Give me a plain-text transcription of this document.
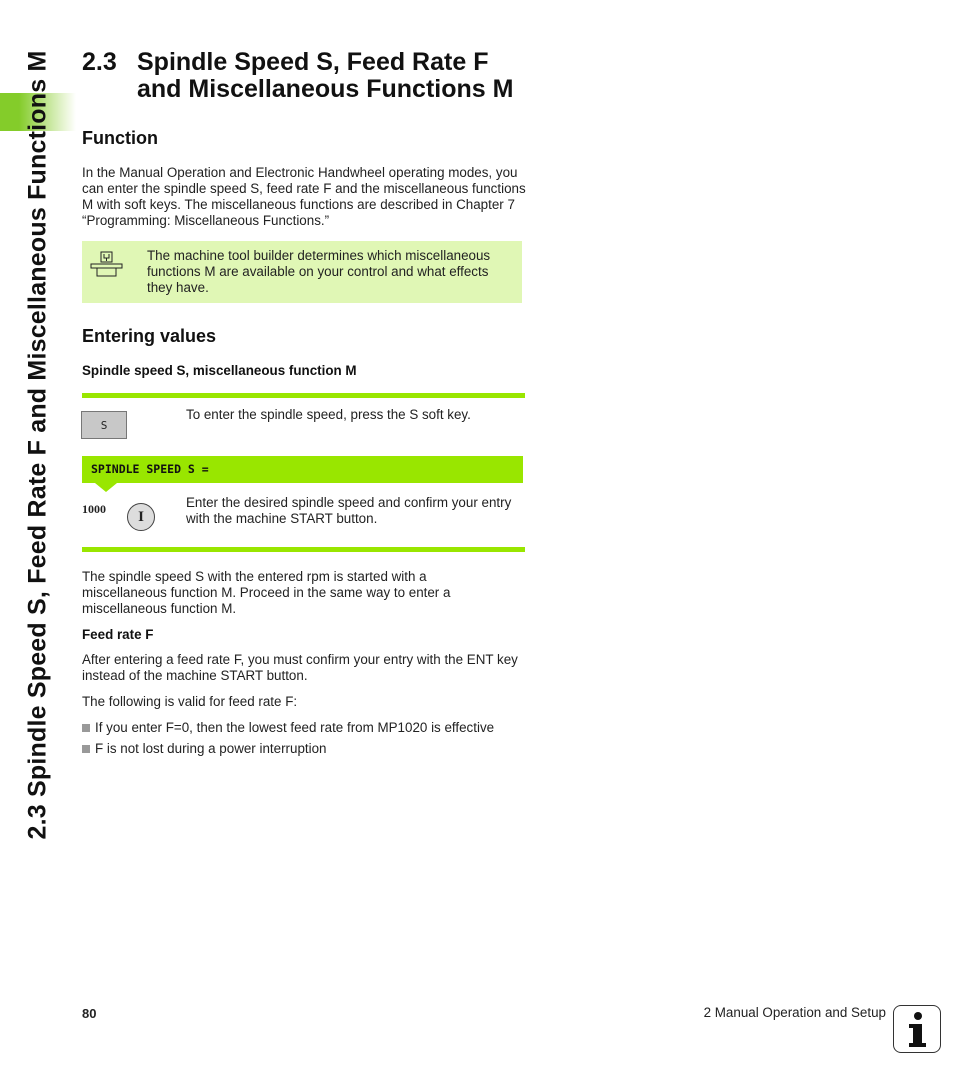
2.3 Spindle Speed S, Feed Rate F and Miscellaneous Functions M 2.3 Spindle Speed S, Feed Rate F
and Miscellaneous Functions M
Function

In the Manual Operation and Electronic Handwheel operating modes, you can enter the spindle speed S, feed rate F and the miscellaneous functions M with soft keys. The miscellaneous functions are described in Chapter 7 “Programming: Miscellaneous Functions.”

The machine tool builder determines which miscellaneous functions M are available on your control and what effects they have.

Entering values
Spindle speed S, miscellaneous function M
S

To enter the spindle speed, press the S soft key.

SPINDLE SPEED S =
1000	I

Enter the desired spindle speed and confirm your entry with the machine START button.

The spindle speed S with the entered rpm is started with a miscellaneous function M. Proceed in the same way to enter a miscellaneous function M.

Feed rate F

After entering a feed rate F, you must confirm your entry with the ENT key instead of the machine START button.

The following is valid for feed rate F:

If you enter F=0, then the lowest feed rate from MP1020 is effective

F is not lost during a power interruption

80	2 Manual Operation and Setup
